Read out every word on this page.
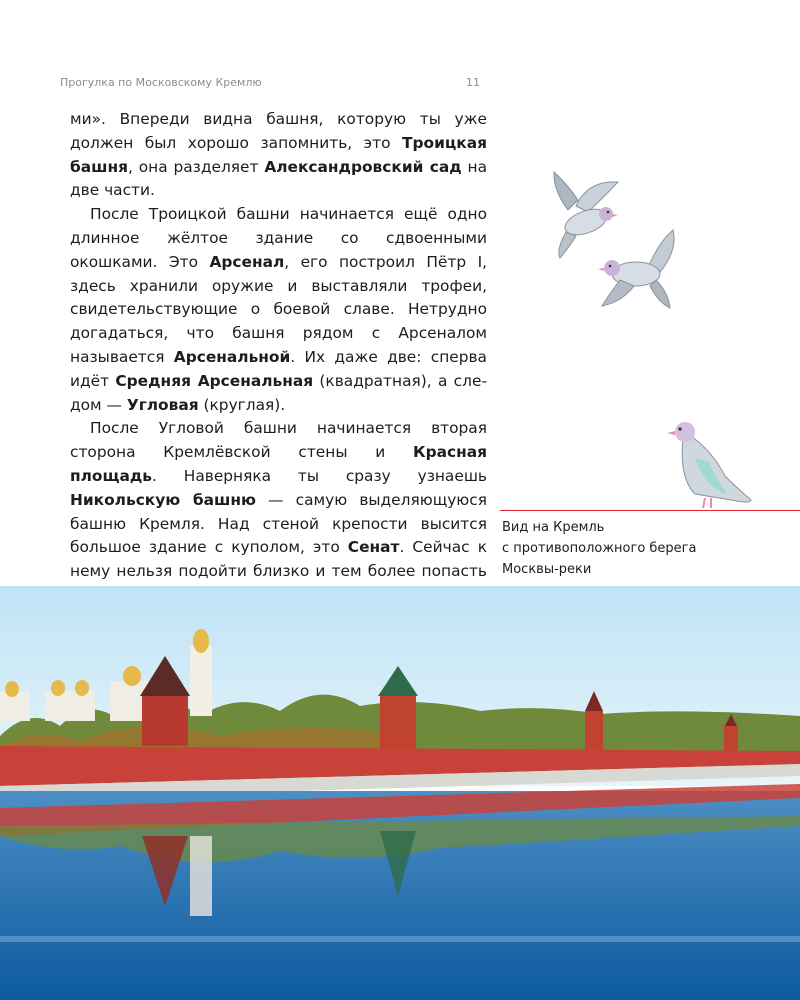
Прогулка по Московскому Кремлю	11

ми». Впереди видна башня, которую ты уже должен был хорошо запомнить, это Троицкая башня, она разделяет Александровский сад на две части.

После Троицкой башни начинается ещё одно длинное жёлтое здание со сдвоенными окошками. Это Арсенал, его построил Пётр I, здесь хранили оружие и выставляли трофеи, свидетельствующие о боевой славе. Нетрудно догадаться, что башня рядом с Арсеналом называется Арсенальной. Их даже две: сперва идёт Средняя Арсенальная (квадратная), а следом — Угловая (круглая).

После Угловой башни начинается вторая сторона Кремлёвской стены и Красная площадь. Наверняка ты сразу узнаешь Никольскую башню — самую выделяющуюся башню Кремля. Над стеной крепости высится большое здание с куполом, это Сенат. Сейчас к нему нельзя подойти близко и тем более попасть

Вид на Кремль
с противоположного берега
Москвы-реки
